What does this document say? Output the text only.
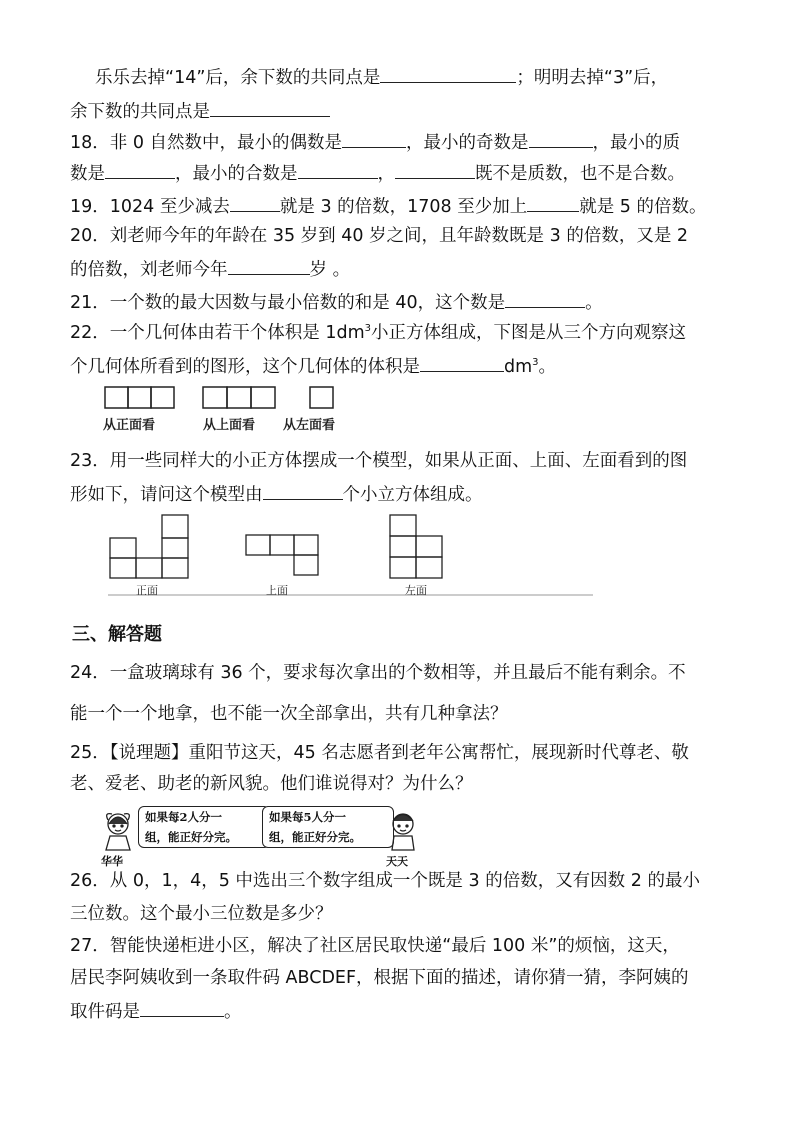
乐乐去掉“14”后，余下数的共同点是	；明明去掉“3”后，
余下数的共同点是
18．非 0 自然数中，最小的偶数是	，最小的奇数是	，最小的质
数是	，最小的合数是	，	既不是质数，也不是合数。
19．1024 至少减去	就是 3 的倍数，1708 至少加上	就是 5 的倍数。
20．刘老师今年的年龄在 35 岁到 40 岁之间，且年龄数既是 3 的倍数，又是 2
的倍数，刘老师今年	岁 。
21．一个数的最大因数与最小倍数的和是 40，这个数是	。
22．一个几何体由若干个体积是 $1dm^3$小正方体组成，下图是从三个方向观察这
个几何体所看到的图形，这个几何体的体积是	$dm^3$。
从正面看	从上面看 从左面看
23．用一些同样大的小正方体摆成一个模型，如果从正面、上面、左面看到的图
形如下，请问这个模型由	个小立方体组成。
正面	上面	左面
三、解答题
24．一盒玻璃球有 36 个，要求每次拿出的个数相等，并且最后不能有剩余。不
能一个一个地拿，也不能一次全部拿出，共有几种拿法？
25．【说理题】重阳节这天，45 名志愿者到老年公寓帮忙，展现新时代尊老、敬
老、爱老、助老的新风貌。他们谁说得对？为什么？
如果每2人分一
组，能正好分完。
如果每5人分一
组，能正好分完。
华华	天天
26．从 0，1，4，5 中选出三个数字组成一个既是 3 的倍数，又有因数 2 的最小
三位数。这个最小三位数是多少？
27．智能快递柜进小区，解决了社区居民取快递“最后 100 米”的烦恼，这天，
居民李阿姨收到一条取件码 ABCDEF，根据下面的描述，请你猜一猜，李阿姨的
取件码是	。
